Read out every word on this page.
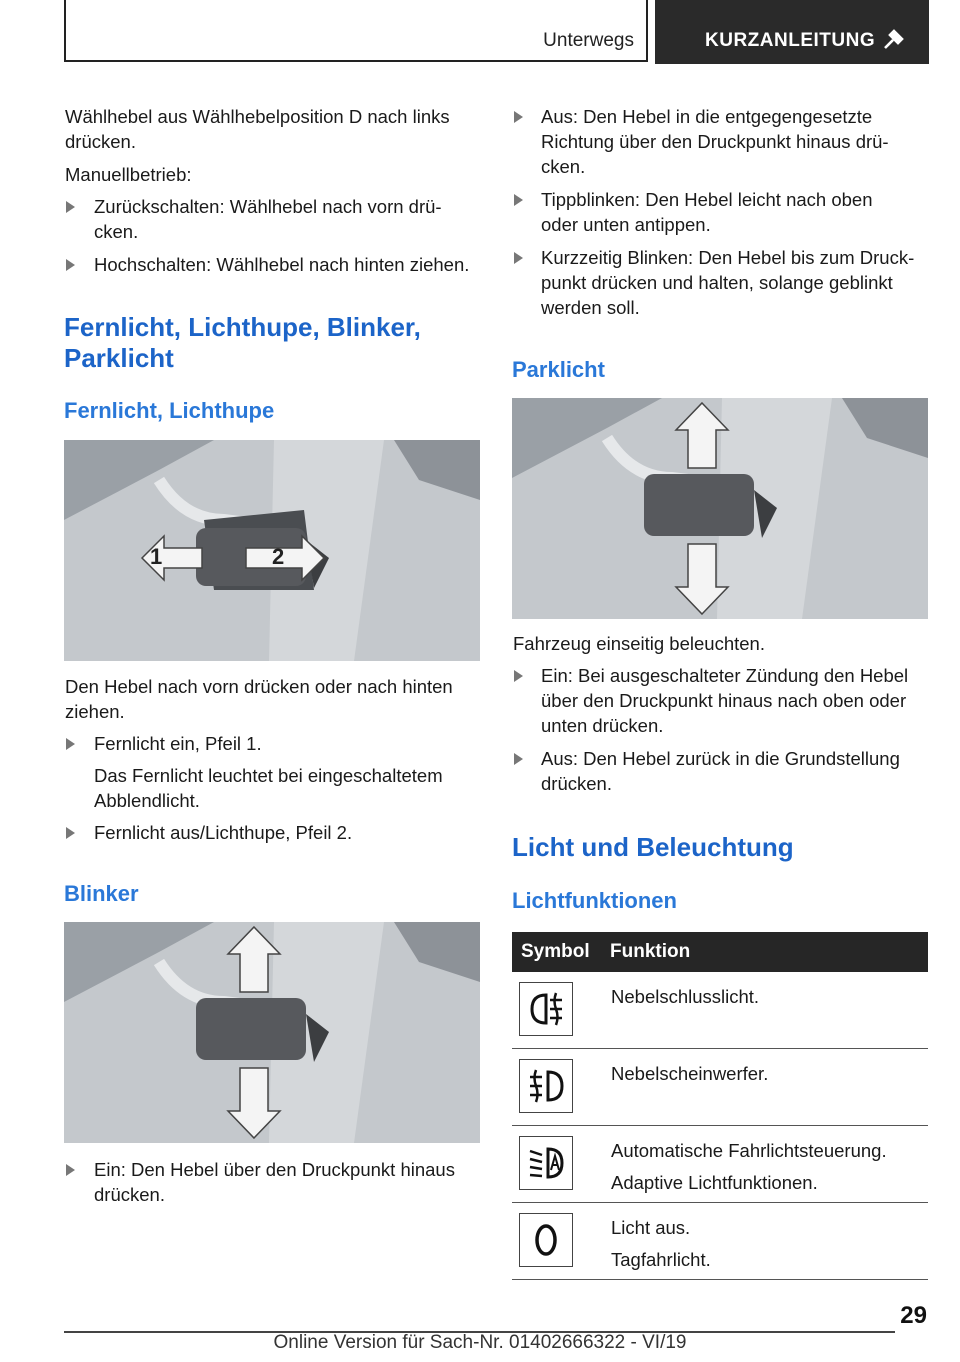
Unterwegs	KURZANLEITUNG
Wählhebel aus Wählhebelposition D nach links
drücken.
Manuellbetrieb:
Zurückschalten: Wählhebel nach vorn drü‐
cken.
Hochschalten: Wählhebel nach hinten ziehen.
Fernlicht, Lichthupe, Blinker,
Parklicht
Fernlicht, Lichthupe
1	2
Den Hebel nach vorn drücken oder nach hinten
ziehen.
Fernlicht ein, Pfeil 1.
Das Fernlicht leuchtet bei eingeschaltetem
Abblendlicht.
Fernlicht aus/Lichthupe, Pfeil 2.
Blinker
Ein: Den Hebel über den Druckpunkt hinaus
drücken.
Aus: Den Hebel in die entgegengesetzte
Richtung über den Druckpunkt hinaus drü‐
cken.
Tippblinken: Den Hebel leicht nach oben
oder unten antippen.
Kurzzeitig Blinken: Den Hebel bis zum Druck‐
punkt drücken und halten, solange geblinkt
werden soll.
Parklicht
Fahrzeug einseitig beleuchten.
Ein: Bei ausgeschalteter Zündung den Hebel
über den Druckpunkt hinaus nach oben oder
unten drücken.
Aus: Den Hebel zurück in die Grundstellung
drücken.
Licht und Beleuchtung
Lichtfunktionen
Symbol	Funktion

Nebelschlusslicht.

Nebelscheinwerfer.

Automatische Fahrlichtsteuerung.
Adaptive Lichtfunktionen.

Licht aus.
Tagfahrlicht.
29
Online Version für Sach-Nr. 01402666322 - VI/19
